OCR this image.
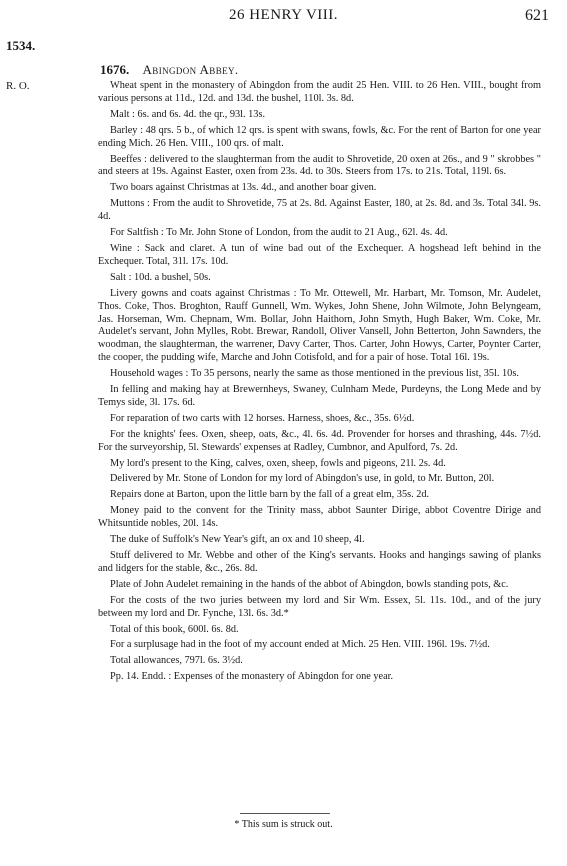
26 HENRY VIII.	621
1534.
R. O.
1676. Abingdon Abbey.

Wheat spent in the monastery of Abingdon from the audit 25 Hen. VIII. to 26 Hen. VIII., bought from various persons at 11d., 12d. and 13d. the bushel, 110l. 3s. 8d.

Malt : 6s. and 6s. 4d. the qr., 93l. 13s.

Barley : 48 qrs. 5 b., of which 12 qrs. is spent with swans, fowls, &c. For the rent of Barton for one year ending Mich. 26 Hen. VIII., 100 qrs. of malt.

Beeffes : delivered to the slaughterman from the audit to Shrovetide, 20 oxen at 26s., and 9 " skrobbes " and steers at 19s. Against Easter, oxen from 23s. 4d. to 30s. Steers from 17s. to 21s. Total, 119l. 6s.

Two boars against Christmas at 13s. 4d., and another boar given.

Muttons : From the audit to Shrovetide, 75 at 2s. 8d. Against Easter, 180, at 2s. 8d. and 3s. Total 34l. 9s. 4d.

For Saltfish : To Mr. John Stone of London, from the audit to 21 Aug., 62l. 4s. 4d.

Wine : Sack and claret. A tun of wine bad out of the Exchequer. A hogshead left behind in the Exchequer. Total, 31l. 17s. 10d.

Salt : 10d. a bushel, 50s.

Livery gowns and coats against Christmas : To Mr. Ottewell, Mr. Harbart, Mr. Tomson, Mr. Audelet, Thos. Coke, Thos. Broghton, Rauff Gunnell, Wm. Wykes, John Shene, John Wilmote, John Belyngeam, Jas. Horseman, Wm. Chepnam, Wm. Bollar, John Haithorn, John Smyth, Hugh Baker, Wm. Coke, Mr. Audelet's servant, John Mylles, Robt. Brewar, Randoll, Oliver Vansell, John Betterton, John Sawnders, the woodman, the slaughterman, the warrener, Davy Carter, Thos. Carter, John Howys, Carter, Poynter Carter, the cooper, the pudding wife, Marche and John Cotisfold, and for a pair of hose. Total 16l. 19s.

Household wages : To 35 persons, nearly the same as those mentioned in the previous list, 35l. 10s.

In felling and making hay at Brewernheys, Swaney, Culnham Mede, Purdeyns, the Long Mede and by Temys side, 3l. 17s. 6d.

For reparation of two carts with 12 horses. Harness, shoes, &c., 35s. 6½d.

For the knights' fees. Oxen, sheep, oats, &c., 4l. 6s. 4d. Provender for horses and thrashing, 44s. 7½d. For the surveyorship, 5l. Stewards' expenses at Radley, Cumbnor, and Apulford, 7s. 2d.

My lord's present to the King, calves, oxen, sheep, fowls and pigeons, 21l. 2s. 4d.

Delivered by Mr. Stone of London for my lord of Abingdon's use, in gold, to Mr. Button, 20l.

Repairs done at Barton, upon the little barn by the fall of a great elm, 35s. 2d.

Money paid to the convent for the Trinity mass, abbot Saunter Dirige, abbot Coventre Dirige and Whitsuntide nobles, 20l. 14s.

The duke of Suffolk's New Year's gift, an ox and 10 sheep, 4l.

Stuff delivered to Mr. Webbe and other of the King's servants. Hooks and hangings sawing of planks and lidgers for the stable, &c., 26s. 8d.

Plate of John Audelet remaining in the hands of the abbot of Abingdon, bowls standing pots, &c.

For the costs of the two juries between my lord and Sir Wm. Essex, 5l. 11s. 10d., and of the jury between my lord and Dr. Fynche, 13l. 6s. 3d.*

Total of this book, 600l. 6s. 8d.

For a surplusage had in the foot of my account ended at Mich. 25 Hen. VIII. 196l. 19s. 7½d.

Total allowances, 797l. 6s. 3½d.

Pp. 14. Endd. : Expenses of the monastery of Abingdon for one year.

* This sum is struck out.
